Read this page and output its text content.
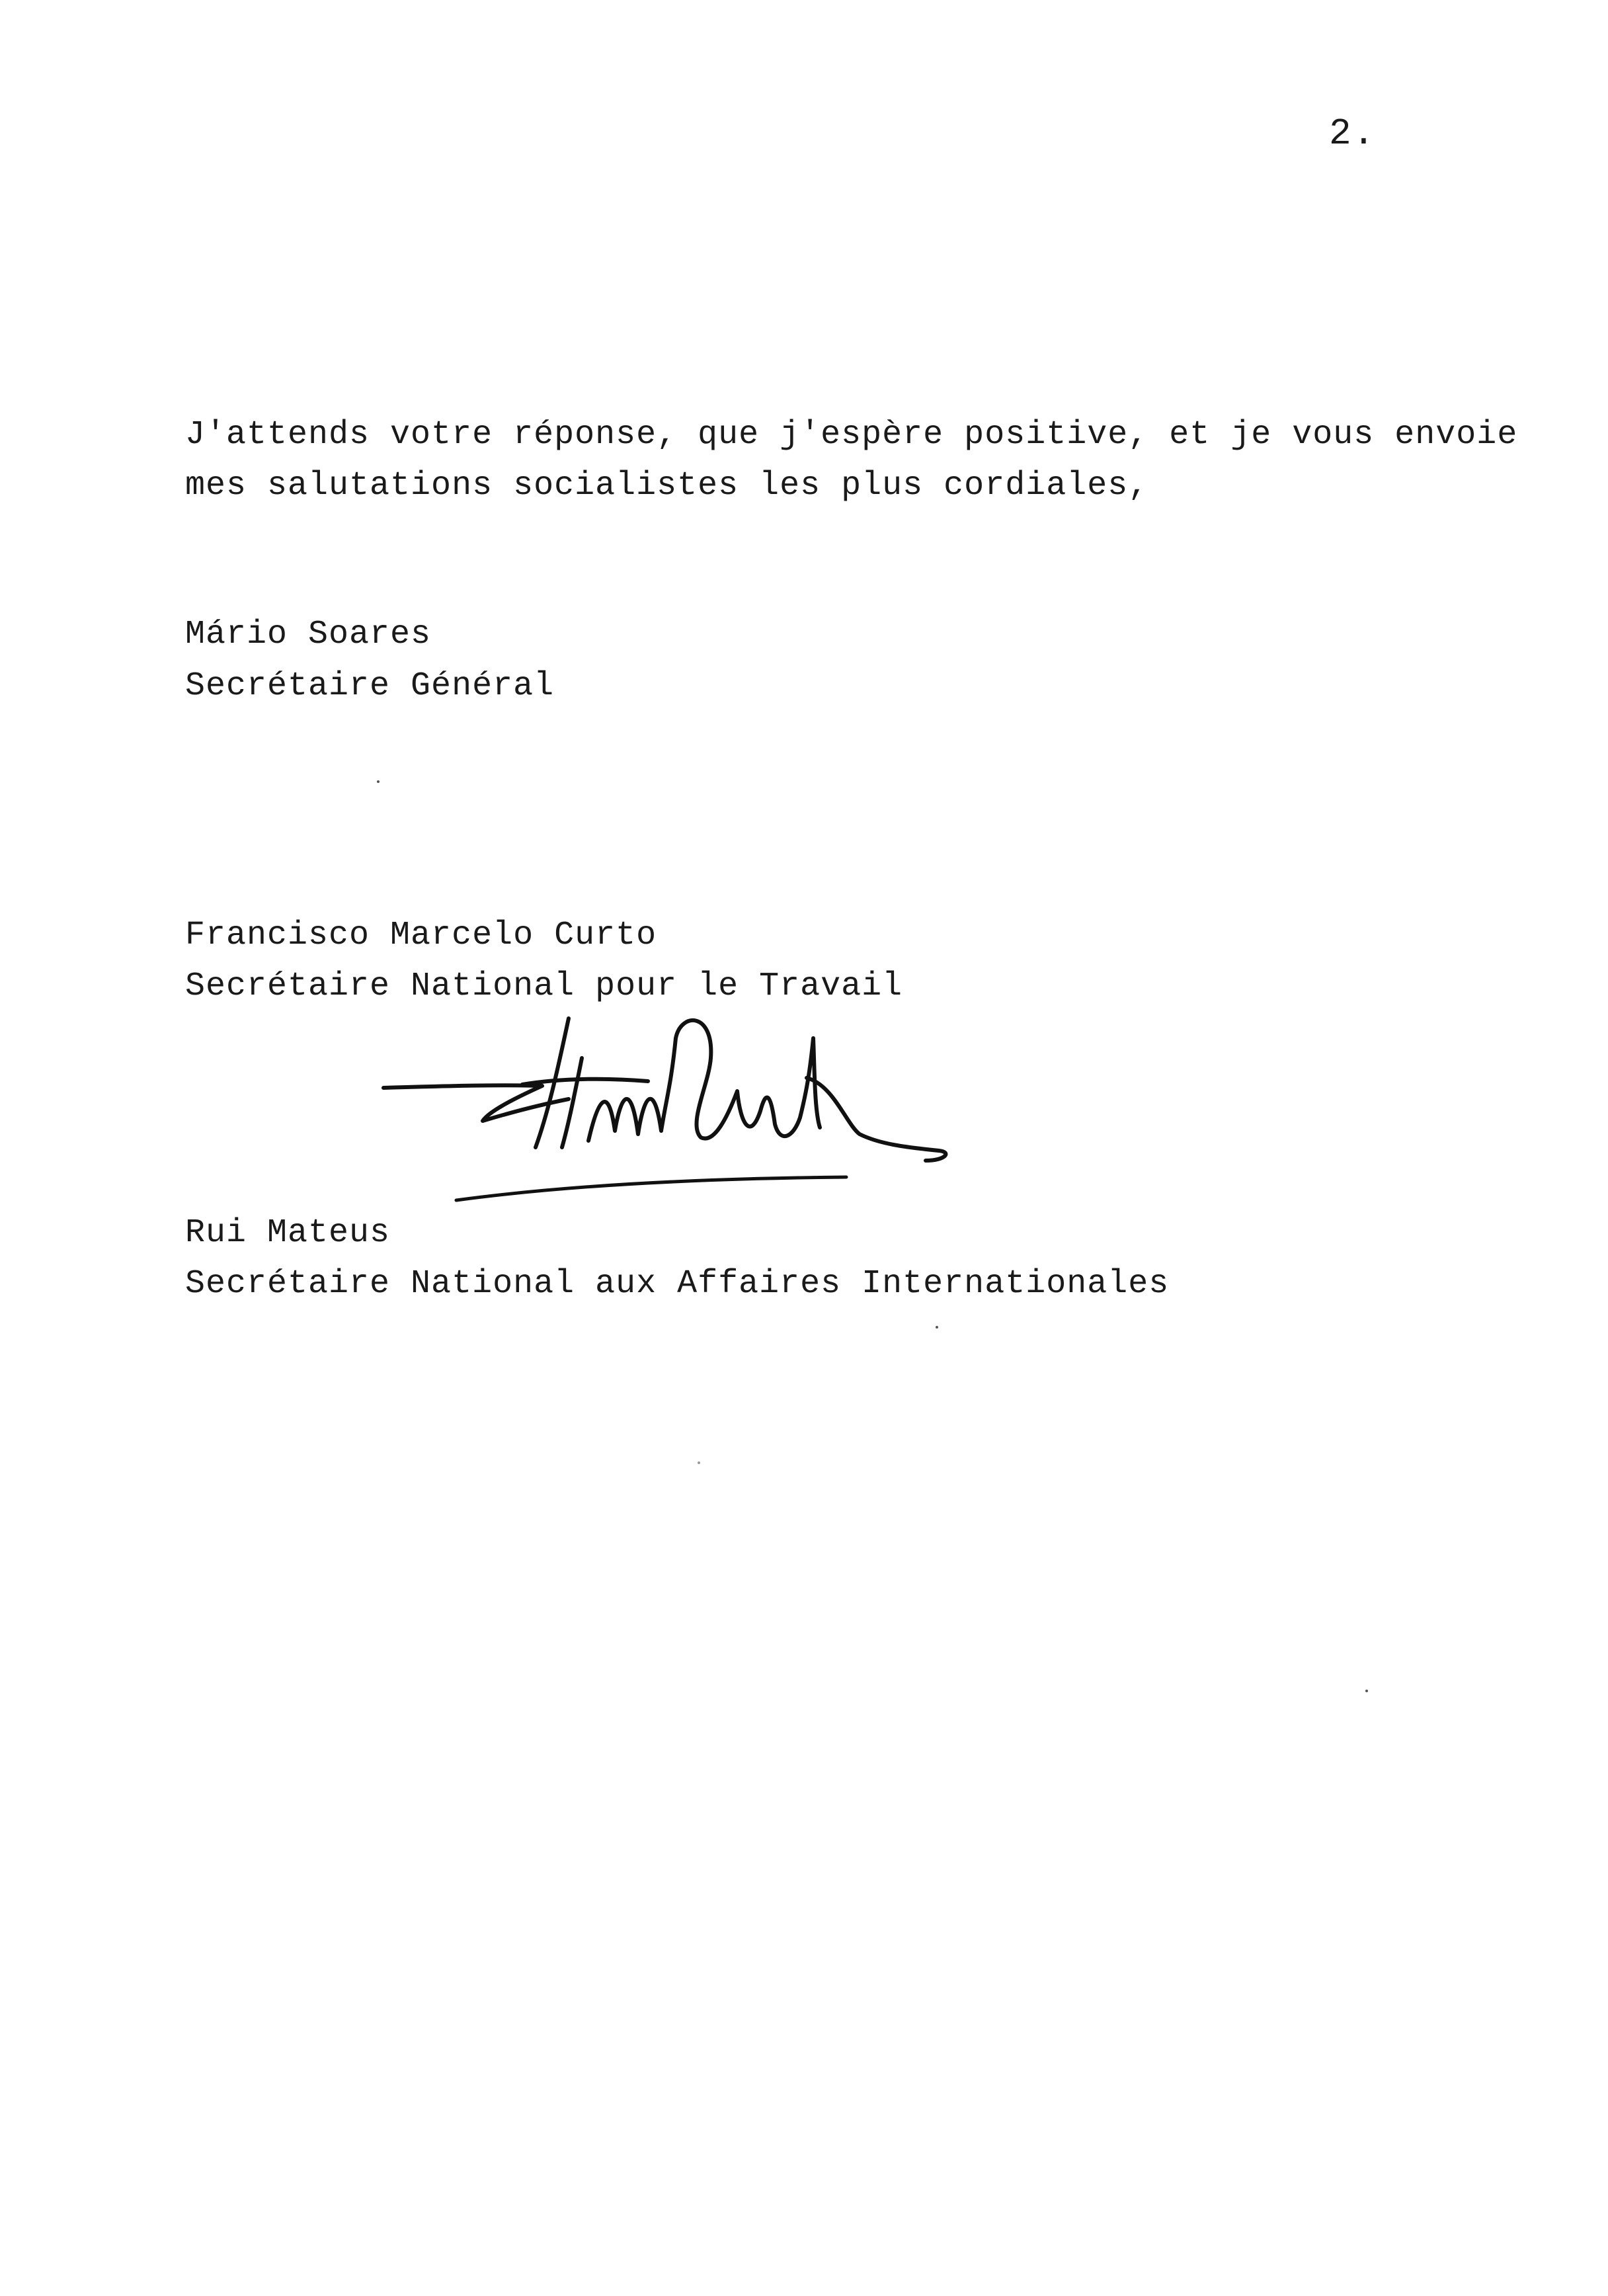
2.
J'attends votre réponse, que j'espère positive, et je vous envoie
mes salutations socialistes les plus cordiales,
Mário Soares
Secrétaire Général
Francisco Marcelo Curto
Secrétaire National pour le Travail
Rui Mateus
Secrétaire National aux Affaires Internationales
